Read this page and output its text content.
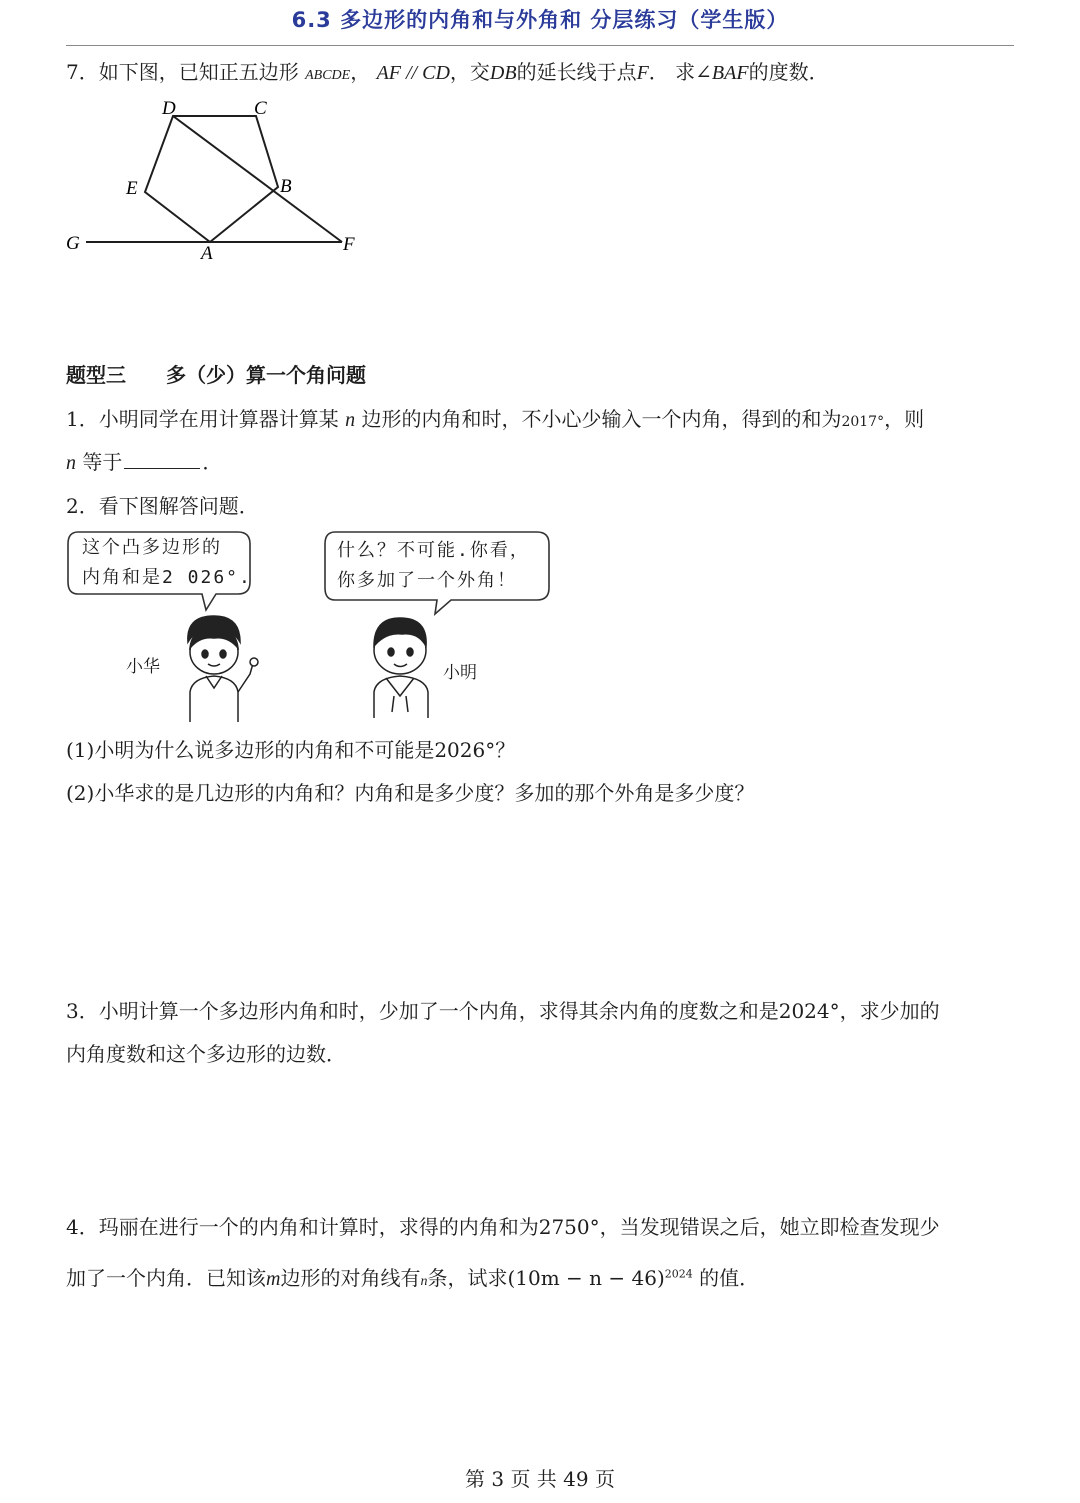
6.3 多边形的内角和与外角和 分层练习（学生版）
7．如下图，已知正五边形 ABCDE， AF // CD，交DB的延长线于点F． 求∠BAF的度数．
D	C
E	B
G	A	F
题型三　　多（少）算一个角问题
1．小明同学在用计算器计算某 n 边形的内角和时，不小心少输入一个内角，得到的和为2017°，则
n 等于	．
2．看下图解答问题．
这个凸多边形的
内角和是2 026°.
什么？不可能.你看，
你多加了一个外角！
小华	小明
(1)小明为什么说多边形的内角和不可能是2026°？
(2)小华求的是几边形的内角和？内角和是多少度？多加的那个外角是多少度？
3．小明计算一个多边形内角和时，少加了一个内角，求得其余内角的度数之和是2024°，求少加的
内角度数和这个多边形的边数．
4．玛丽在进行一个的内角和计算时，求得的内角和为2750°，当发现错误之后，她立即检查发现少
加了一个内角．已知该m边形的对角线有n条，试求$(10m - n - 46)^{2024}$ 的值．
第 3 页 共 49 页
